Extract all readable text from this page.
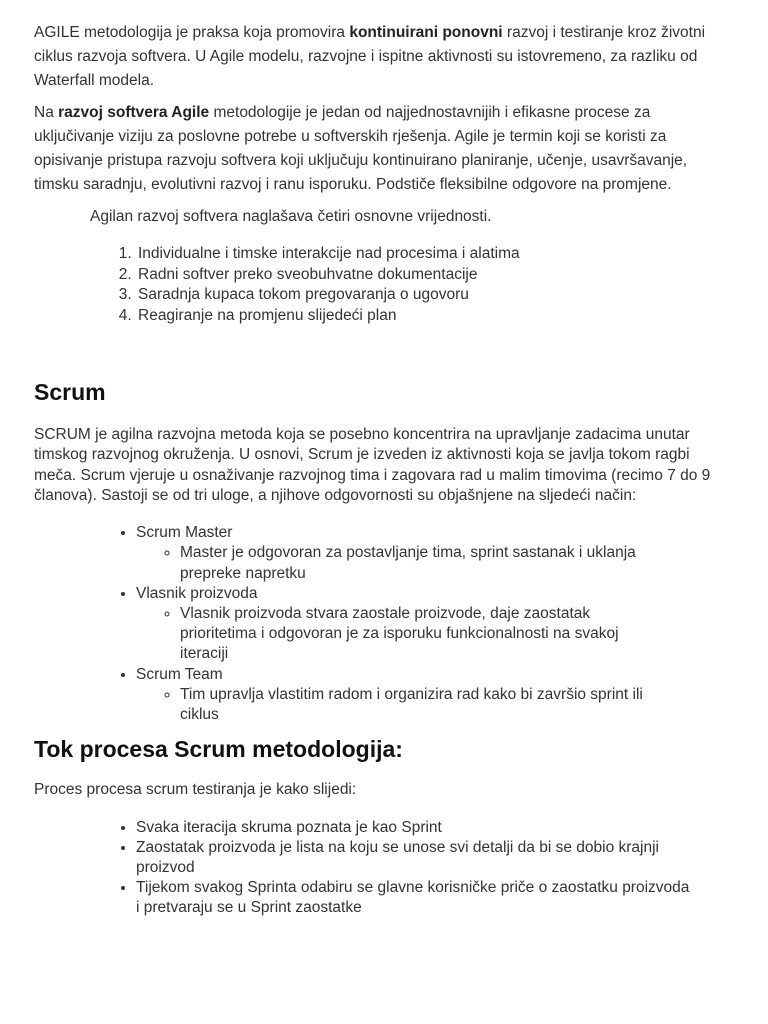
AGILE metodologija je praksa koja promovira kontinuirani ponovni razvoj i testiranje kroz životni ciklus razvoja softvera. U Agile modelu, razvojne i ispitne aktivnosti su istovremeno, za razliku od Waterfall modela.

Na razvoj softvera Agile metodologije je jedan od najjednostavnijih i efikasne procese za uključivanje viziju za poslovne potrebe u softverskih rješenja. Agile je termin koji se koristi za opisivanje pristupa razvoju softvera koji uključuju kontinuirano planiranje, učenje, usavršavanje, timsku saradnju, evolutivni razvoj i ranu isporuku. Podstiče fleksibilne odgovore na promjene.

Agilan razvoj softvera naglašava četiri osnovne vrijednosti.
1. Individualne i timske interakcije nad procesima i alatima
2. Radni softver preko sveobuhvatne dokumentacije
3. Saradnja kupaca tokom pregovaranja o ugovoru
4. Reagiranje na promjenu slijedeći plan
Scrum

SCRUM je agilna razvojna metoda koja se posebno koncentrira na upravljanje zadacima unutar timskog razvojnog okruženja. U osnovi, Scrum je izveden iz aktivnosti koja se javlja tokom ragbi meča. Scrum vjeruje u osnaživanje razvojnog tima i zagovara rad u malim timovima (recimo 7 do 9 članova). Sastoji se od tri uloge, a njihove odgovornosti su objašnjene na sljedeći način:

• Scrum Master
◦ Master je odgovoran za postavljanje tima, sprint sastanak i uklanja prepreke napretku
• Vlasnik proizvoda
◦ Vlasnik proizvoda stvara zaostale proizvode, daje zaostatak prioritetima i odgovoran je za isporuku funkcionalnosti na svakoj iteraciji
• Scrum Team
◦ Tim upravlja vlastitim radom i organizira rad kako bi završio sprint ili ciklus
Tok procesa Scrum metodologija:

Proces procesa scrum testiranja je kako slijedi:

• Svaka iteracija skruma poznata je kao Sprint
• Zaostatak proizvoda je lista na koju se unose svi detalji da bi se dobio krajnji proizvod
• Tijekom svakog Sprinta odabiru se glavne korisničke priče o zaostatku proizvoda i pretvaraju se u Sprint zaostatke
